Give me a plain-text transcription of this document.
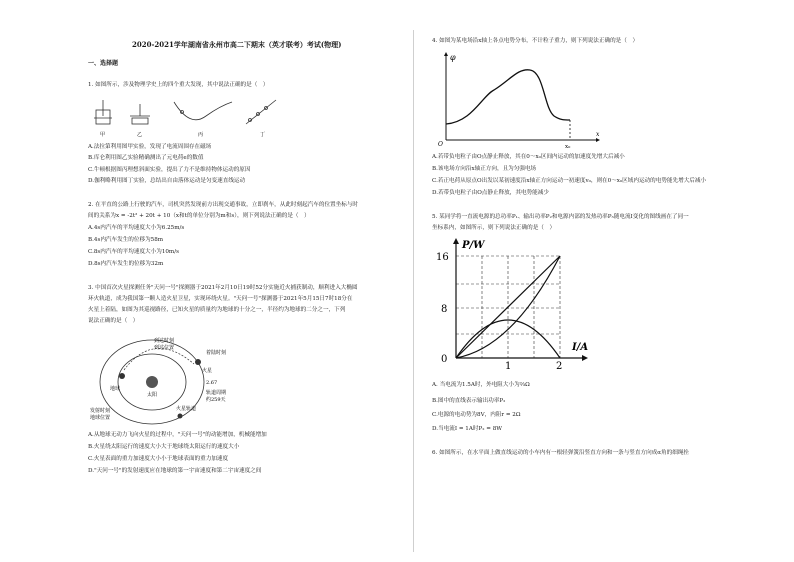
2020-2021学年湖南省永州市高二下期末（英才联考）考试(物理)
一、选择题
1. 如图所示，涉及物理学史上的四个重大发现，其中说法正确的是（　）
甲	乙	丙	丁
A.法拉第利用图甲实验，发现了电流周围存在磁场
B.库仑利用图乙实验精确测出了元电荷e的数值
C.牛顿根据图丙理想斜面实验，提出了力不是维持物体运动的原因
D.伽利略利用图丁实验，总结出自由落体运动是匀变速直线运动
2. 在平直的公路上行驶的汽车，司机突然发现前方出现交通事故，立即刹车，从此时刻起汽车的位置坐标与时
间的关系为x = -2t² + 20t + 10（x和t的单位分别为m和s），则下列说法正确的是（　）
A.4s内汽车的平均速度大小为6.25m/s
B.4s内汽车发生的位移为58m
C.8s内汽车的平均速度大小为10m/s
D.8s内汽车发生的位移为32m
3. 中国首次火星探测任务"天问一号"探测器于2021年2月10日19时52分实施近火捕获制动，顺利进入大椭圆
环火轨道，成为我国第一颗人造火星卫星，实现环绕火星。"天问一号"探测器于2021年5月15日7时18分在
火星上着陆，如图为其巡视路径，已知火星的质量约为地球的十分之一，半径约为地球的二分之一，下列
说法正确的是（　）
到达时刻
到达位置
地球
太阳
火星
发射时刻
地球位置
火星轨道
着陆时刻
2.67
轨道周期
约259天
A.从地球无动力飞向火星的过程中，"天问一号"的动能增加，机械能增加
B.火星绕太阳运行的速度大小大于地球绕太阳运行的速度大小
C.火星表面的重力加速度大小小于地球表面的重力加速度
D."天问一号"的发射速度应在地球的第一宇宙速度和第二宇宙速度之间
4. 如图为某电场沿x轴上各点电势分布，不计粒子重力，则下列说法正确的是（　）
φ
x
O	x₀
A.若带负电粒子由O点静止释放，其在0～x₀区间内运动的加速度先增大后减小
B.该电场方向沿x轴正方向，且为匀强电场
C.若正电荷从原点O出发以某初速度沿x轴正方向运动一初速度v₀，则在0～x₀区域内运动的电势能先增大后减小
D.若带负电粒子由O点静止释放，其电势能减少
5. 某同学将一直流电源的总功率P₁、输出功率P₂和电源内部的发热功率P₃随电流I变化的图线画在了同一
坐标系内，如图所示，则下列说法正确的是（　）
P/W
I/A
16
8
0
1	2
A. 当电流为1.5A时，外电阻大小为⅔Ω
B.图中的直线表示输出功率P₂
C.电源的电动势为8V，内阻r = 2Ω
D.当电流I = 1A时P₂ = 8W
6. 如图所示，在水平面上做直线运动的小车内有一根轻弹簧沿竖直方向和一条与竖直方向成α角的细绳拴
